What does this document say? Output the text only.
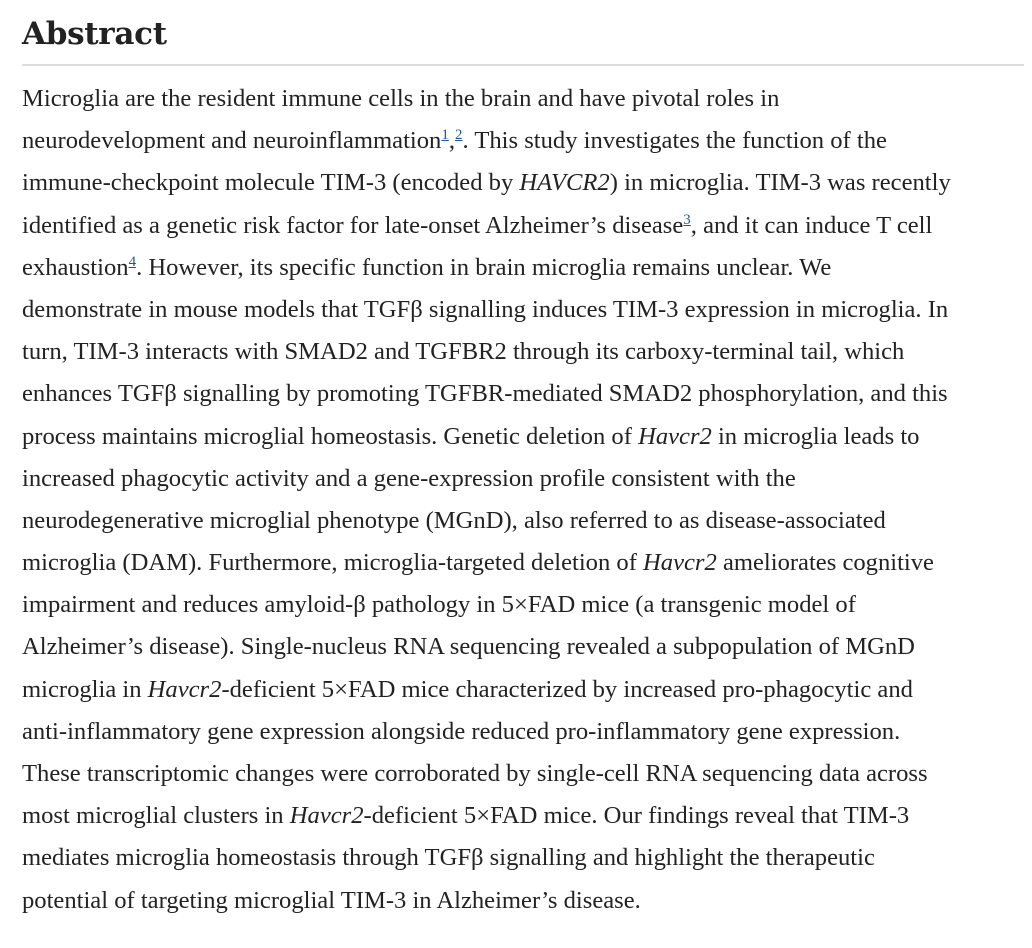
Abstract
Microglia are the resident immune cells in the brain and have pivotal roles in
neurodevelopment and neuroinflammation$^1$,$^2$. This study investigates the function of the
immune-checkpoint molecule TIM-3 (encoded by HAVCR2) in microglia. TIM-3 was recently
identified as a genetic risk factor for late-onset Alzheimer’s disease$^3$, and it can induce T cell
exhaustion$^4$. However, its specific function in brain microglia remains unclear. We
demonstrate in mouse models that TGFβ signalling induces TIM-3 expression in microglia. In
turn, TIM-3 interacts with SMAD2 and TGFBR2 through its carboxy-terminal tail, which
enhances TGFβ signalling by promoting TGFBR-mediated SMAD2 phosphorylation, and this
process maintains microglial homeostasis. Genetic deletion of Havcr2 in microglia leads to
increased phagocytic activity and a gene-expression profile consistent with the
neurodegenerative microglial phenotype (MGnD), also referred to as disease-associated
microglia (DAM). Furthermore, microglia-targeted deletion of Havcr2 ameliorates cognitive
impairment and reduces amyloid-β pathology in 5×FAD mice (a transgenic model of
Alzheimer’s disease). Single-nucleus RNA sequencing revealed a subpopulation of MGnD
microglia in Havcr2-deficient 5×FAD mice characterized by increased pro-phagocytic and
anti-inflammatory gene expression alongside reduced pro-inflammatory gene expression.
These transcriptomic changes were corroborated by single-cell RNA sequencing data across
most microglial clusters in Havcr2-deficient 5×FAD mice. Our findings reveal that TIM-3
mediates microglia homeostasis through TGFβ signalling and highlight the therapeutic
potential of targeting microglial TIM-3 in Alzheimer’s disease.
